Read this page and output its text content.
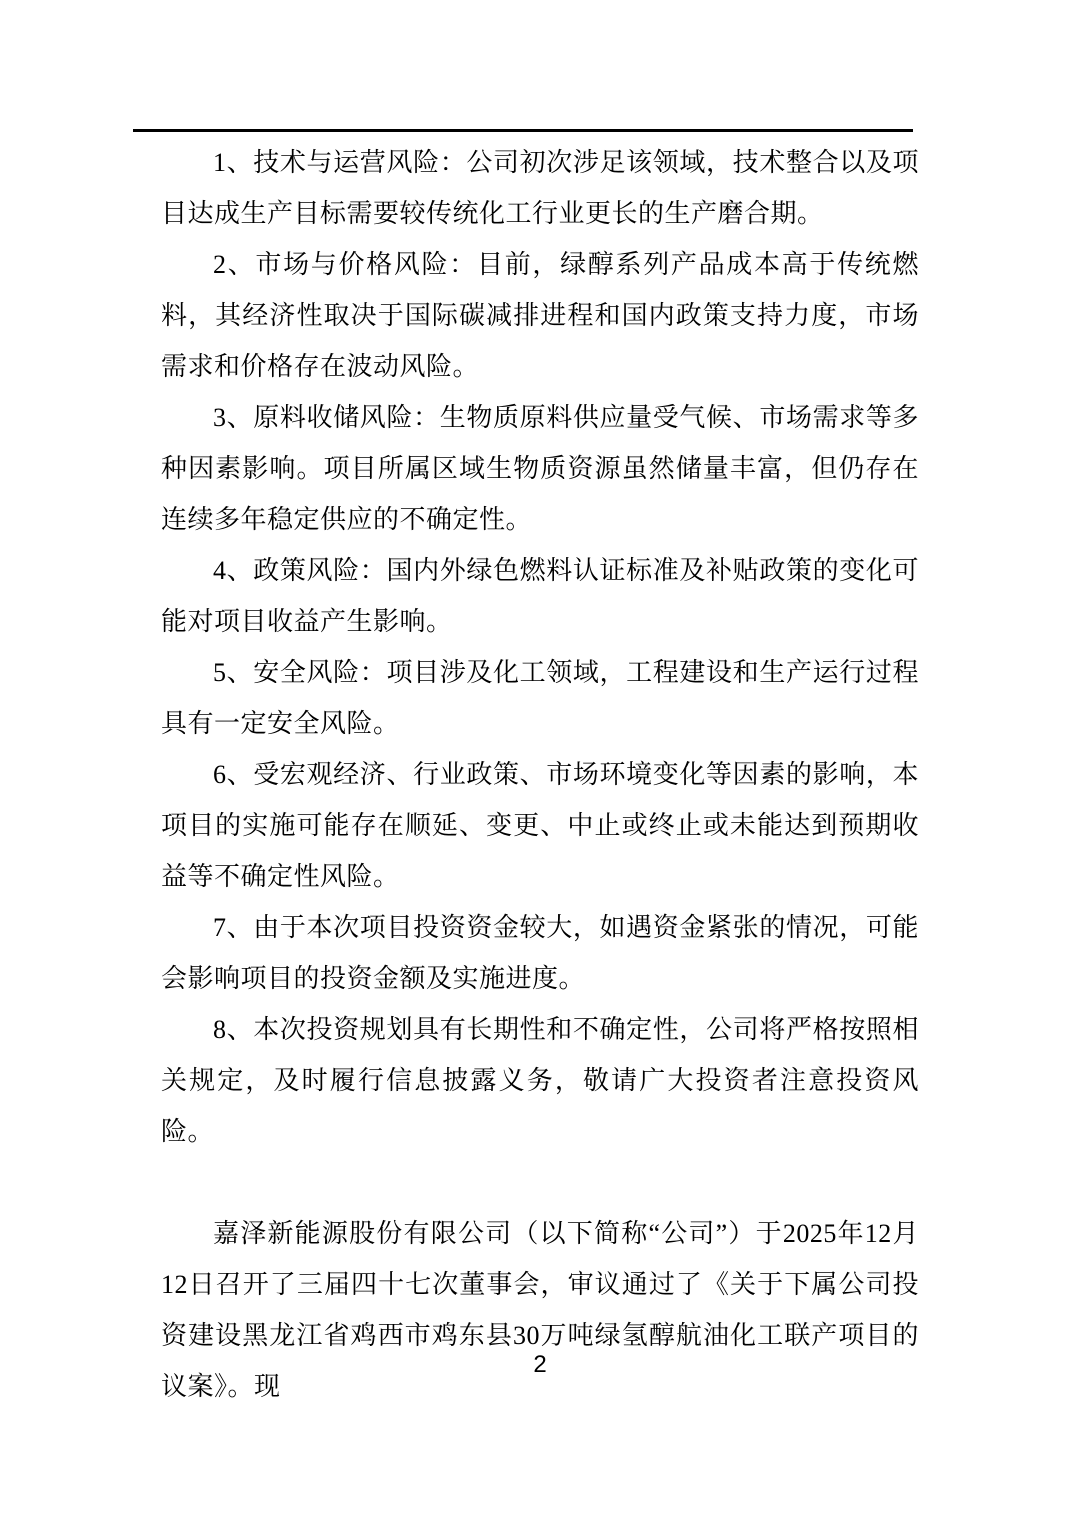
1、技术与运营风险：公司初次涉足该领域，技术整合以及项目达成生产目标需要较传统化工行业更长的生产磨合期。

2、市场与价格风险：目前，绿醇系列产品成本高于传统燃料，其经济性取决于国际碳减排进程和国内政策支持力度，市场需求和价格存在波动风险。

3、原料收储风险：生物质原料供应量受气候、市场需求等多种因素影响。项目所属区域生物质资源虽然储量丰富，但仍存在连续多年稳定供应的不确定性。

4、政策风险：国内外绿色燃料认证标准及补贴政策的变化可能对项目收益产生影响。

5、安全风险：项目涉及化工领域，工程建设和生产运行过程具有一定安全风险。

6、受宏观经济、行业政策、市场环境变化等因素的影响，本项目的实施可能存在顺延、变更、中止或终止或未能达到预期收益等不确定性风险。

7、由于本次项目投资资金较大，如遇资金紧张的情况，可能会影响项目的投资金额及实施进度。

8、本次投资规划具有长期性和不确定性，公司将严格按照相关规定，及时履行信息披露义务，敬请广大投资者注意投资风险。

嘉泽新能源股份有限公司（以下简称“公司”）于2025年12月12日召开了三届四十七次董事会，审议通过了《关于下属公司投资建设黑龙江省鸡西市鸡东县30万吨绿氢醇航油化工联产项目的议案》。现

2
